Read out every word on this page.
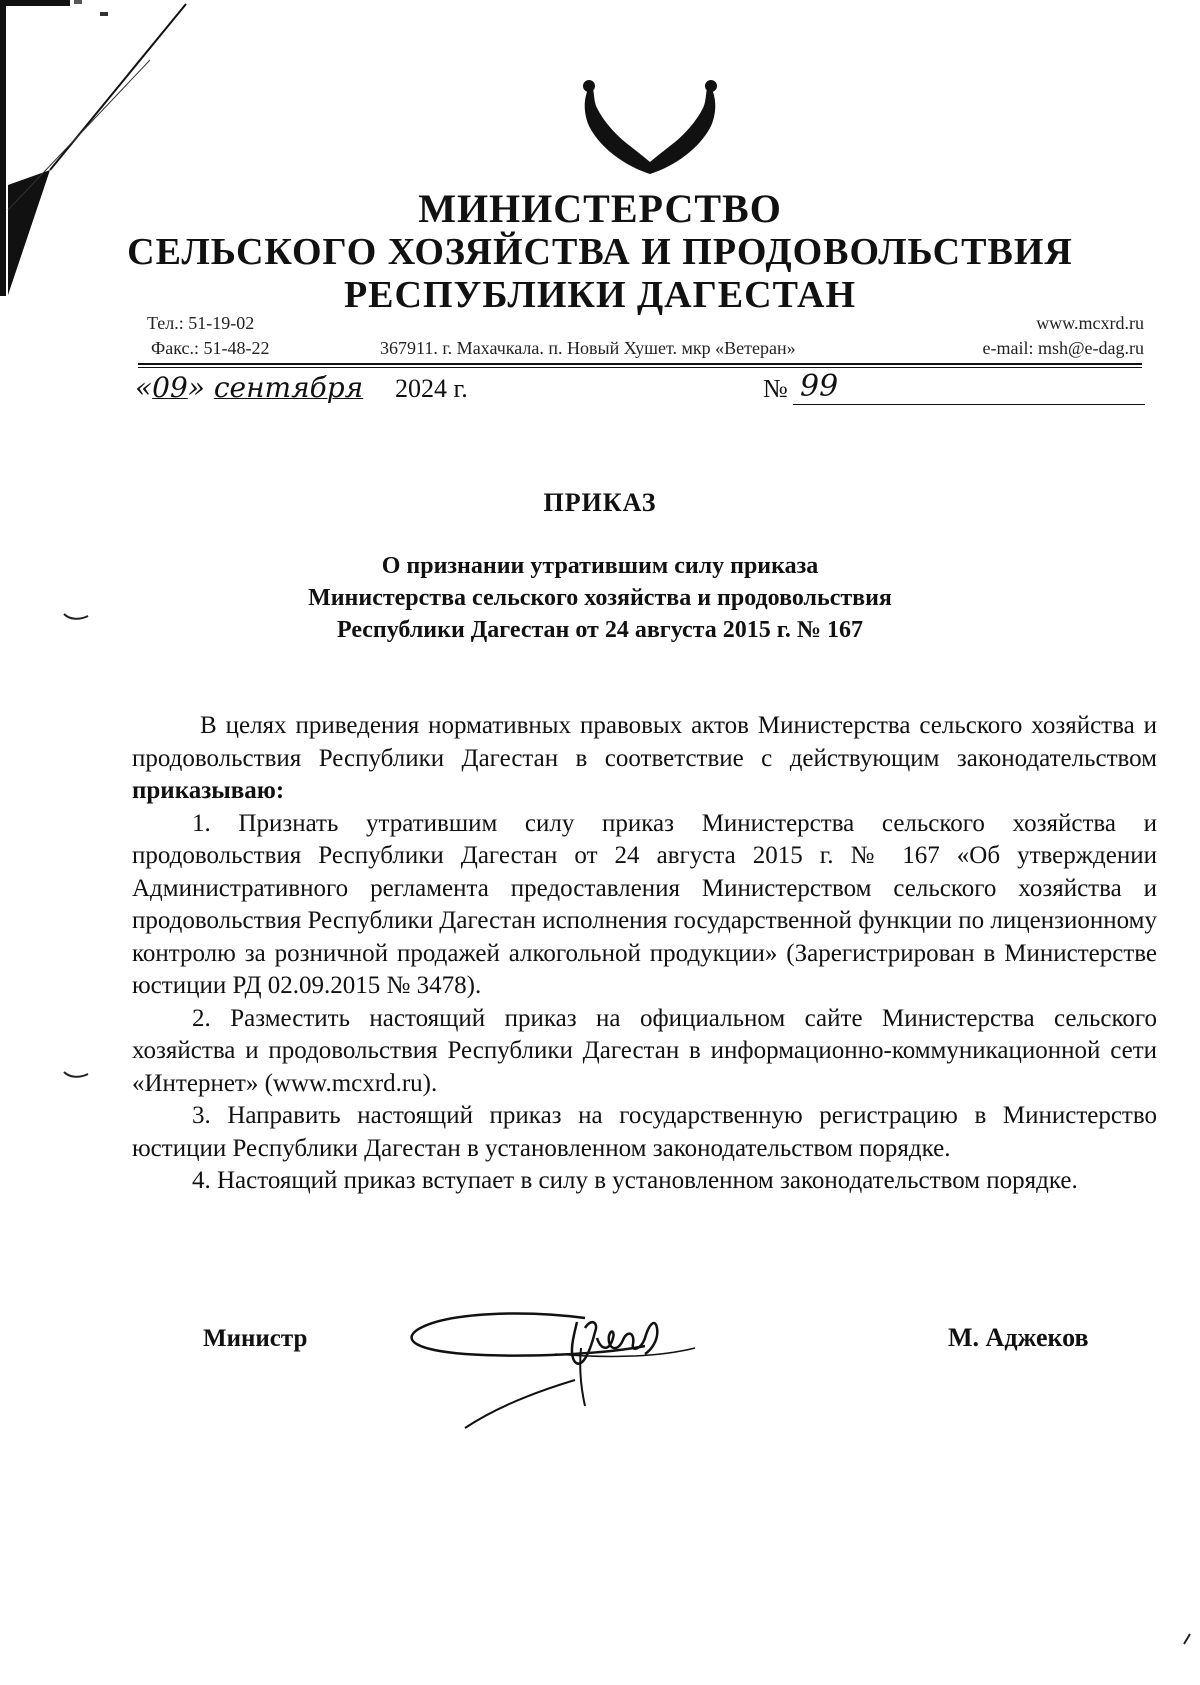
МИНИСТЕРСТВО
СЕЛЬСКОГО ХОЗЯЙСТВА И ПРОДОВОЛЬСТВИЯ
РЕСПУБЛИКИ ДАГЕСТАН
Тел.: 51-19-02
Факс.: 51-48-22	367911. г. Махачкала. п. Новый Хушет. мкр «Ветеран»
www.mcxrd.ru
e-mail: msh@e-dag.ru
«09» сентября 2024 г.	№ 99
ПРИКАЗ
О признании утратившим силу приказа
Министерства сельского хозяйства и продовольствия
Республики Дагестан от 24 августа 2015 г. № 167

В целях приведения нормативных правовых актов Министерства сельского хозяйства и продовольствия Республики Дагестан в соответствие с действующим законодательством приказываю:

1. Признать утратившим силу приказ Министерства сельского хозяйства и продовольствия Республики Дагестан от 24 августа 2015 г. № 167 «Об утверждении Административного регламента предоставления Министерством сельского хозяйства и продовольствия Республики Дагестан исполнения государственной функции по лицензионному контролю за розничной продажей алкогольной продукции» (Зарегистрирован в Министерстве юстиции РД 02.09.2015 № 3478).

2. Разместить настоящий приказ на официальном сайте Министерства сельского хозяйства и продовольствия Республики Дагестан в информационно-коммуникационной сети «Интернет» (www.mcxrd.ru).

3. Направить настоящий приказ на государственную регистрацию в Министерство юстиции Республики Дагестан в установленном законодательством порядке.

4. Настоящий приказ вступает в силу в установленном законодательством порядке.

Министр	М. Аджеков
